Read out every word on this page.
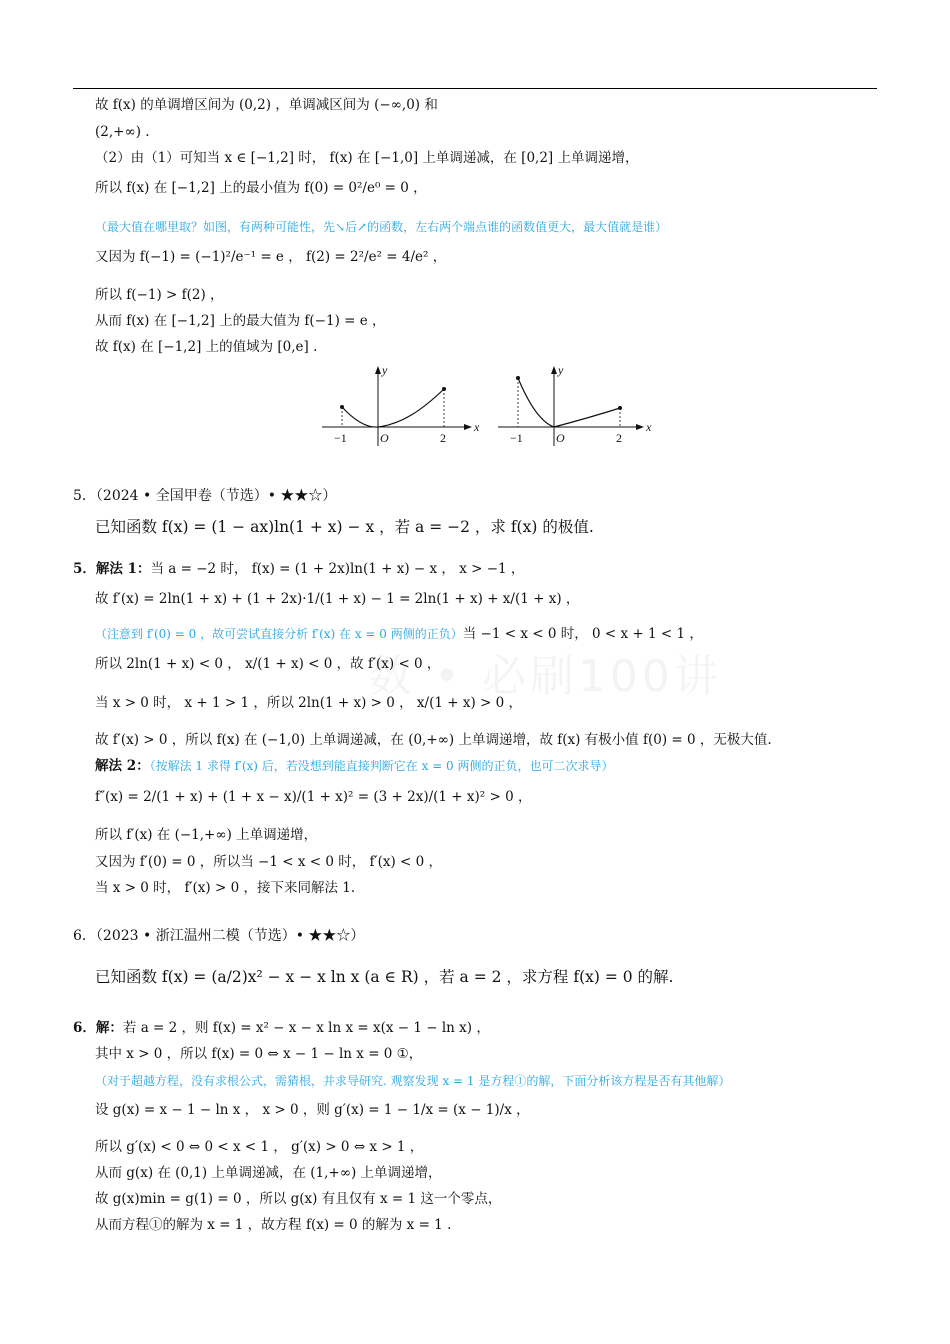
故 f(x) 的单调增区间为 (0,2) ，单调减区间为 (−∞,0) 和
(2,+∞) .
（2）由（1）可知当 x ∈ [−1,2] 时， f(x) 在 [−1,0] 上单调递减，在 [0,2] 上单调递增，
所以 f(x) 在 [−1,2] 上的最小值为 f(0) = 0²/e⁰ = 0 ，
（最大值在哪里取？如图，有两种可能性，先↘后↗的函数，左右两个端点谁的函数值更大，最大值就是谁）
又因为 f(−1) = (−1)²/e⁻¹ = e ， f(2) = 2²/e² = 4/e² ，
所以 f(−1) > f(2) ，
从而 f(x) 在 [−1,2] 上的最大值为 f(−1) = e ，
故 f(x) 在 [−1,2] 上的值域为 [0,e] .
y
x
O
−1	2
y
x
O
−1	2
5．（2024 • 全国甲卷（节选）• ★★☆）
已知函数 f(x) = (1 − ax)ln(1 + x) − x ，若 a = −2 ，求 f(x) 的极值.
5．解法 1：当 a = −2 时， f(x) = (1 + 2x)ln(1 + x) − x ， x > −1 ，
故 f′(x) = 2ln(1 + x) + (1 + 2x)·1/(1 + x) − 1 = 2ln(1 + x) + x/(1 + x) ，
（注意到 f′(0) = 0 ，故可尝试直接分析 f′(x) 在 x = 0 两侧的正负）当 −1 < x < 0 时， 0 < x + 1 < 1 ，
所以 2ln(1 + x) < 0 ， x/(1 + x) < 0 ，故 f′(x) < 0 ，
当 x > 0 时， x + 1 > 1 ，所以 2ln(1 + x) > 0 ， x/(1 + x) > 0 ，
故 f′(x) > 0 ，所以 f(x) 在 (−1,0) 上单调递减，在 (0,+∞) 上单调递增，故 f(x) 有极小值 f(0) = 0 ，无极大值.
解法 2：（按解法 1 求得 f′(x) 后，若没想到能直接判断它在 x = 0 两侧的正负，也可二次求导）
f″(x) = 2/(1 + x) + (1 + x − x)/(1 + x)² = (3 + 2x)/(1 + x)² > 0 ，
所以 f′(x) 在 (−1,+∞) 上单调递增，
又因为 f′(0) = 0 ，所以当 −1 < x < 0 时， f′(x) < 0 ，
当 x > 0 时， f′(x) > 0 ，接下来同解法 1.
6．（2023 • 浙江温州二模（节选）• ★★☆）
已知函数 f(x) = (a/2)x² − x − x ln x (a ∈ R) ，若 a = 2 ，求方程 f(x) = 0 的解.
6．解：若 a = 2 ，则 f(x) = x² − x − x ln x = x(x − 1 − ln x) ，
其中 x > 0 ，所以 f(x) = 0 ⇔ x − 1 − ln x = 0 ①，
（对于超越方程，没有求根公式，需猜根，并求导研究. 观察发现 x = 1 是方程①的解，下面分析该方程是否有其他解）
设 g(x) = x − 1 − ln x ， x > 0 ，则 g′(x) = 1 − 1/x = (x − 1)/x ，
所以 g′(x) < 0 ⇔ 0 < x < 1 ， g′(x) > 0 ⇔ x > 1 ，
从而 g(x) 在 (0,1) 上单调递减，在 (1,+∞) 上单调递增，
故 g(x)min = g(1) = 0 ，所以 g(x) 有且仅有 x = 1 这一个零点，
从而方程①的解为 x = 1 ，故方程 f(x) = 0 的解为 x = 1 .
